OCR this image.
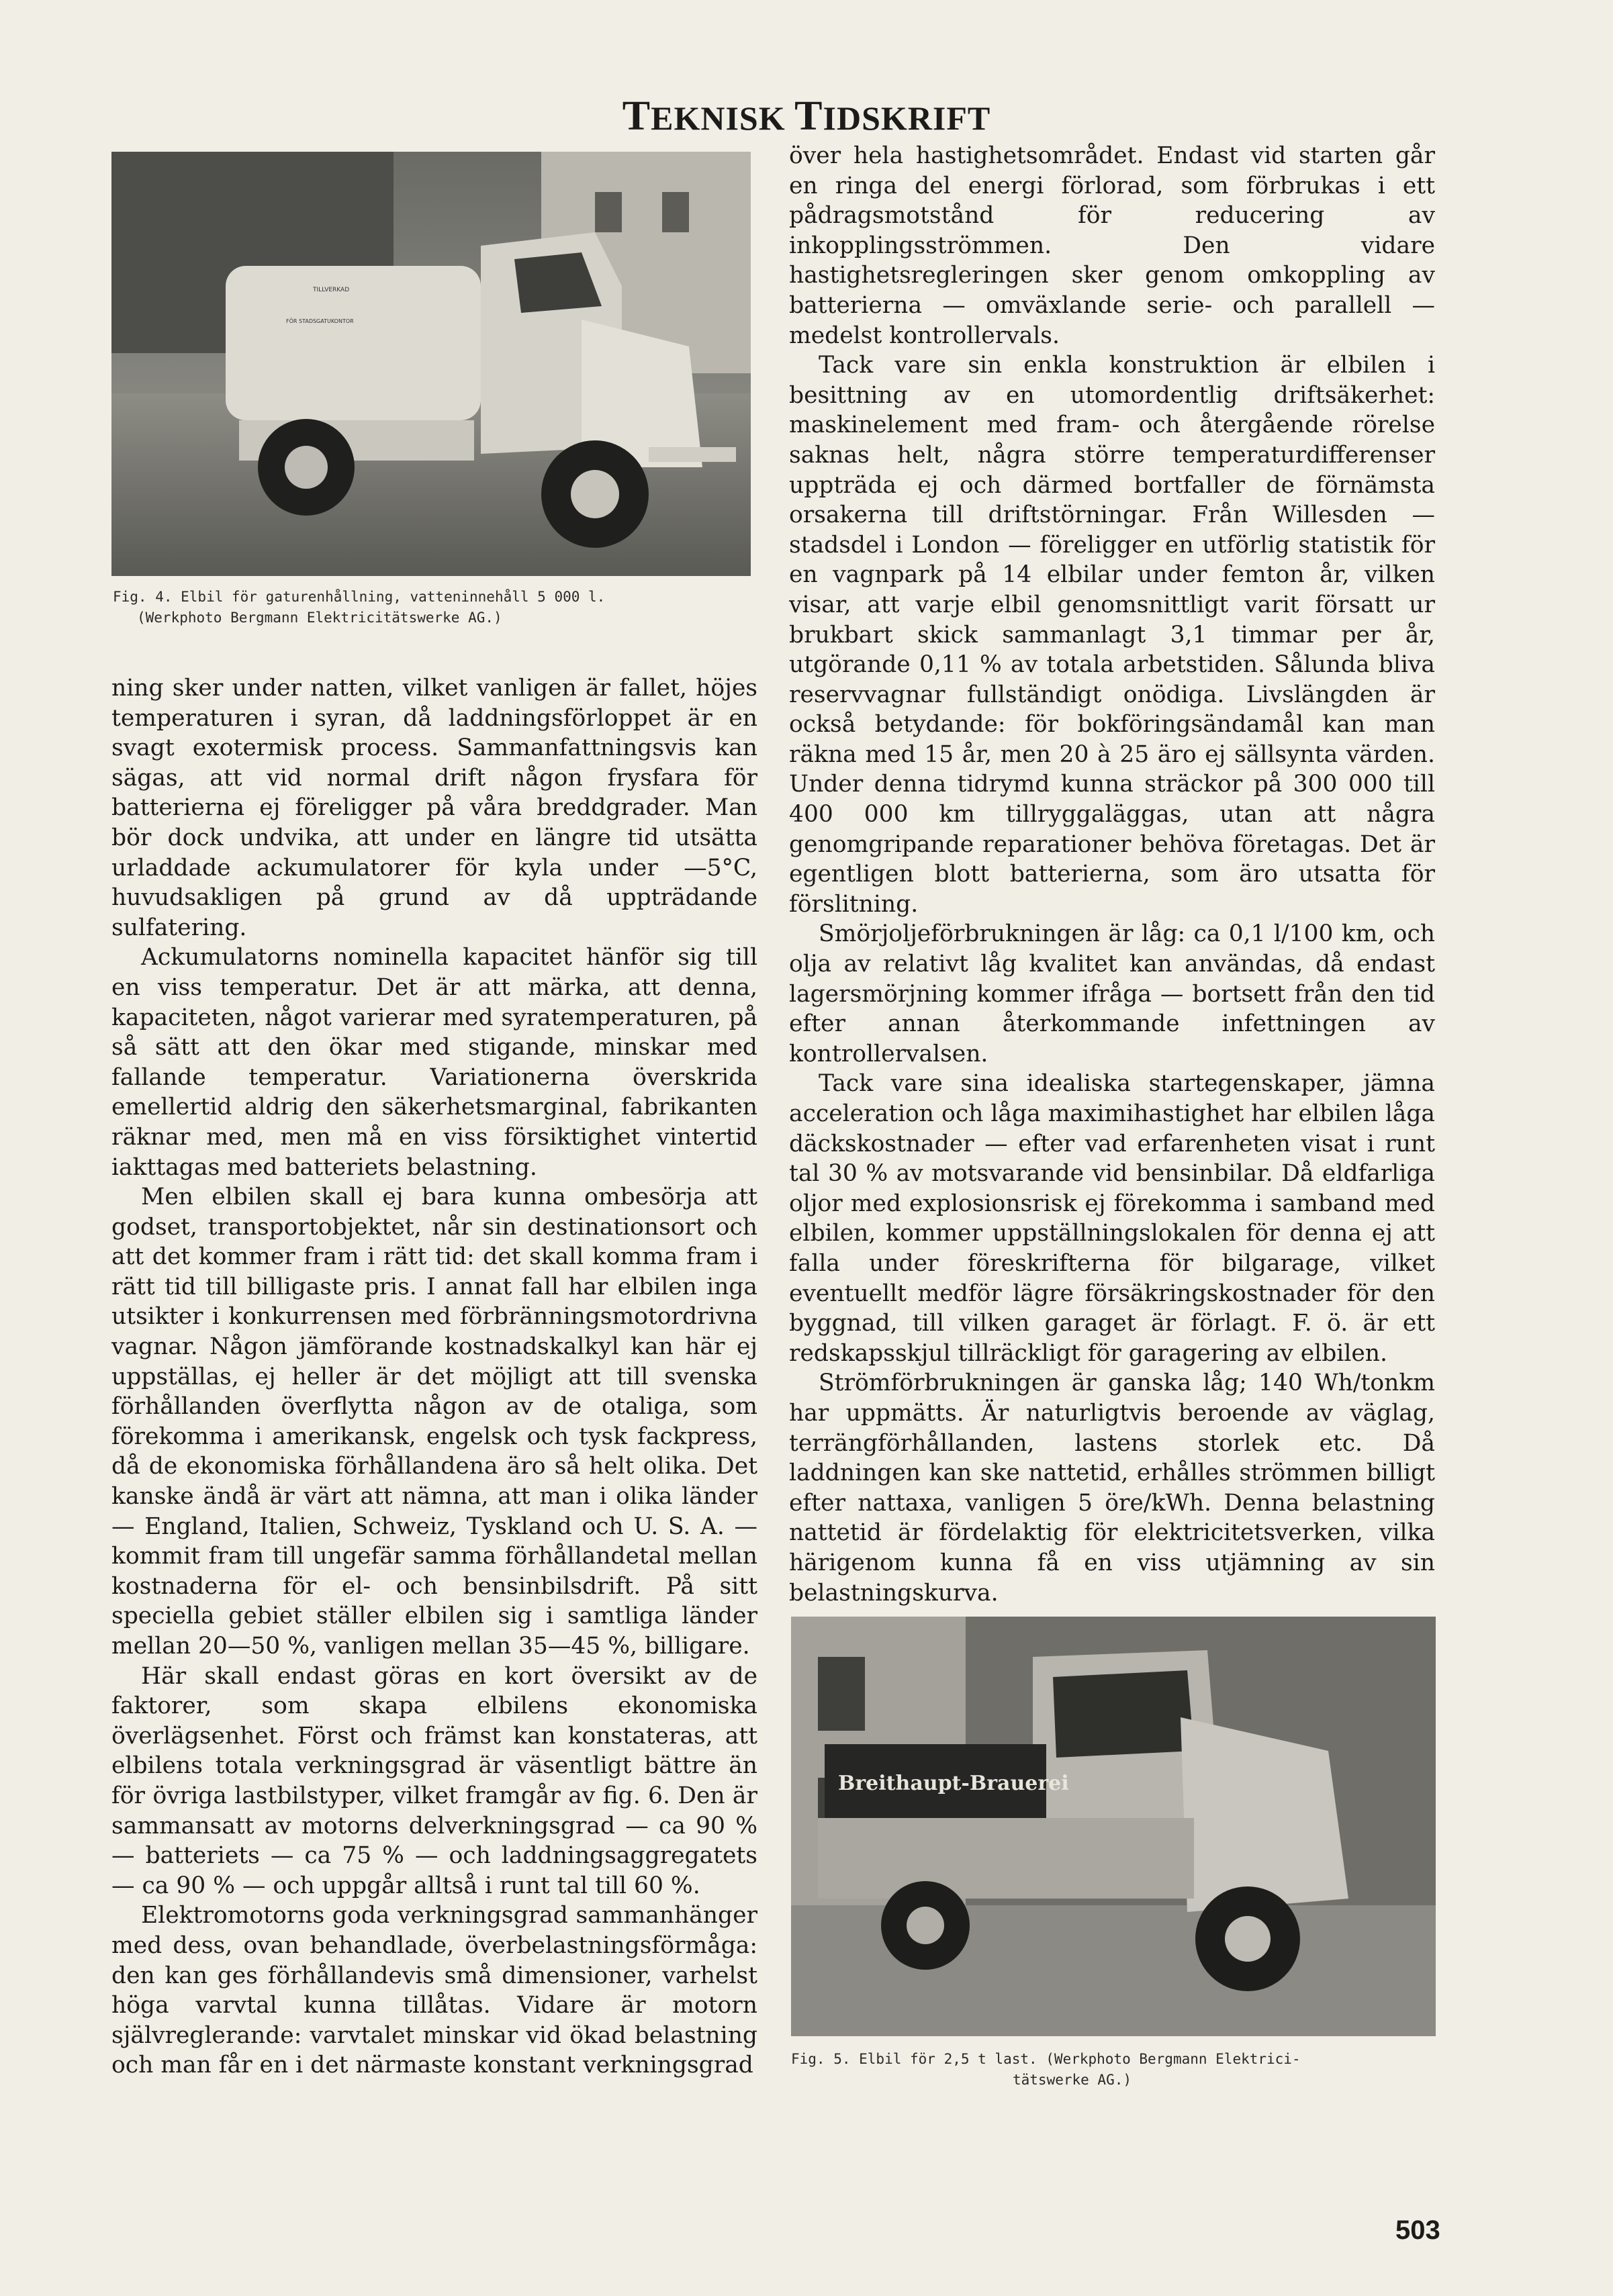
TEKNISK TIDSKRIFT
TILLVERKAD
FÖR STADSGATUKONTOR
Fig. 4. Elbil för gaturenhållning, vatteninnehåll 5 000 l.
(Werkphoto Bergmann Elektricitätswerke AG.)

ning sker under natten, vilket vanligen är fallet, höjes temperaturen i syran, då laddningsförloppet är en svagt exotermisk process. Sammanfattningsvis kan sägas, att vid normal drift någon frysfara för batterierna ej föreligger på våra breddgrader. Man bör dock undvika, att under en längre tid utsätta urladdade ackumulatorer för kyla under —5°C, huvudsakligen på grund av då uppträdande sulfatering.

Ackumulatorns nominella kapacitet hänför sig till en viss temperatur. Det är att märka, att denna, kapaciteten, något varierar med syratemperaturen, på så sätt att den ökar med stigande, minskar med fallande temperatur. Variationerna överskrida emellertid aldrig den säkerhetsmarginal, fabrikanten räknar med, men må en viss försiktighet vintertid iakttagas med batteriets belastning.

Men elbilen skall ej bara kunna ombesörja att godset, transportobjektet, når sin destinationsort och att det kommer fram i rätt tid: det skall komma fram i rätt tid till billigaste pris. I annat fall har elbilen inga utsikter i konkurrensen med förbränningsmotordrivna vagnar. Någon jämförande kostnadskalkyl kan här ej uppställas, ej heller är det möjligt att till svenska förhållanden överflytta någon av de otaliga, som förekomma i amerikansk, engelsk och tysk fackpress, då de ekonomiska förhållandena äro så helt olika. Det kanske ändå är värt att nämna, att man i olika länder — England, Italien, Schweiz, Tyskland och U. S. A. — kommit fram till ungefär samma förhållandetal mellan kostnaderna för el- och bensinbilsdrift. På sitt speciella gebiet ställer elbilen sig i samtliga länder mellan 20—50 %, vanligen mellan 35—45 %, billigare.

Här skall endast göras en kort översikt av de faktorer, som skapa elbilens ekonomiska överlägsenhet. Först och främst kan konstateras, att elbilens totala verkningsgrad är väsentligt bättre än för övriga lastbilstyper, vilket framgår av fig. 6. Den är sammansatt av motorns delverkningsgrad — ca 90 % — batteriets — ca 75 % — och laddningsaggregatets — ca 90 % — och uppgår alltså i runt tal till 60 %.

Elektromotorns goda verkningsgrad sammanhänger med dess, ovan behandlade, överbelastningsförmåga: den kan ges förhållandevis små dimensioner, varhelst höga varvtal kunna tillåtas. Vidare är motorn självreglerande: varvtalet minskar vid ökad belastning och man får en i det närmaste konstant verkningsgrad

över hela hastighetsområdet. Endast vid starten går en ringa del energi förlorad, som förbrukas i ett pådragsmotstånd för reducering av inkopplingsströmmen. Den vidare hastighetsregleringen sker genom omkoppling av batterierna — omväxlande serie- och parallell — medelst kontrollervals.

Tack vare sin enkla konstruktion är elbilen i besittning av en utomordentlig driftsäkerhet: maskinelement med fram- och återgående rörelse saknas helt, några större temperaturdifferenser uppträda ej och därmed bortfaller de förnämsta orsakerna till driftstörningar. Från Willesden — stadsdel i London — föreligger en utförlig statistik för en vagnpark på 14 elbilar under femton år, vilken visar, att varje elbil genomsnittligt varit försatt ur brukbart skick sammanlagt 3,1 timmar per år, utgörande 0,11 % av totala arbetstiden. Sålunda bliva reservvagnar fullständigt onödiga. Livslängden är också betydande: för bokföringsändamål kan man räkna med 15 år, men 20 à 25 äro ej sällsynta värden. Under denna tidrymd kunna sträckor på 300 000 till 400 000 km tillryggaläggas, utan att några genomgripande reparationer behöva företagas. Det är egentligen blott batterierna, som äro utsatta för förslitning.

Smörjoljeförbrukningen är låg: ca 0,1 l/100 km, och olja av relativt låg kvalitet kan användas, då endast lagersmörjning kommer ifråga — bortsett från den tid efter annan återkommande infettningen av kontrollervalsen.

Tack vare sina idealiska startegenskaper, jämna acceleration och låga maximihastighet har elbilen låga däckskostnader — efter vad erfarenheten visat i runt tal 30 % av motsvarande vid bensinbilar. Då eldfarliga oljor med explosionsrisk ej förekomma i samband med elbilen, kommer uppställningslokalen för denna ej att falla under föreskrifterna för bilgarage, vilket eventuellt medför lägre försäkringskostnader för den byggnad, till vilken garaget är förlagt. F. ö. är ett redskapsskjul tillräckligt för garagering av elbilen.

Strömförbrukningen är ganska låg; 140 Wh/tonkm har uppmätts. Är naturligtvis beroende av väglag, terrängförhållanden, lastens storlek etc. Då laddningen kan ske nattetid, erhålles strömmen billigt efter nattaxa, vanligen 5 öre/kWh. Denna belastning nattetid är fördelaktig för elektricitetsverken, vilka härigenom kunna få en viss utjämning av sin belastningskurva.

Breithaupt-Brauerei
Fig. 5. Elbil för 2,5 t last. (Werkphoto Bergmann Elektrici-
tätswerke AG.)
503
